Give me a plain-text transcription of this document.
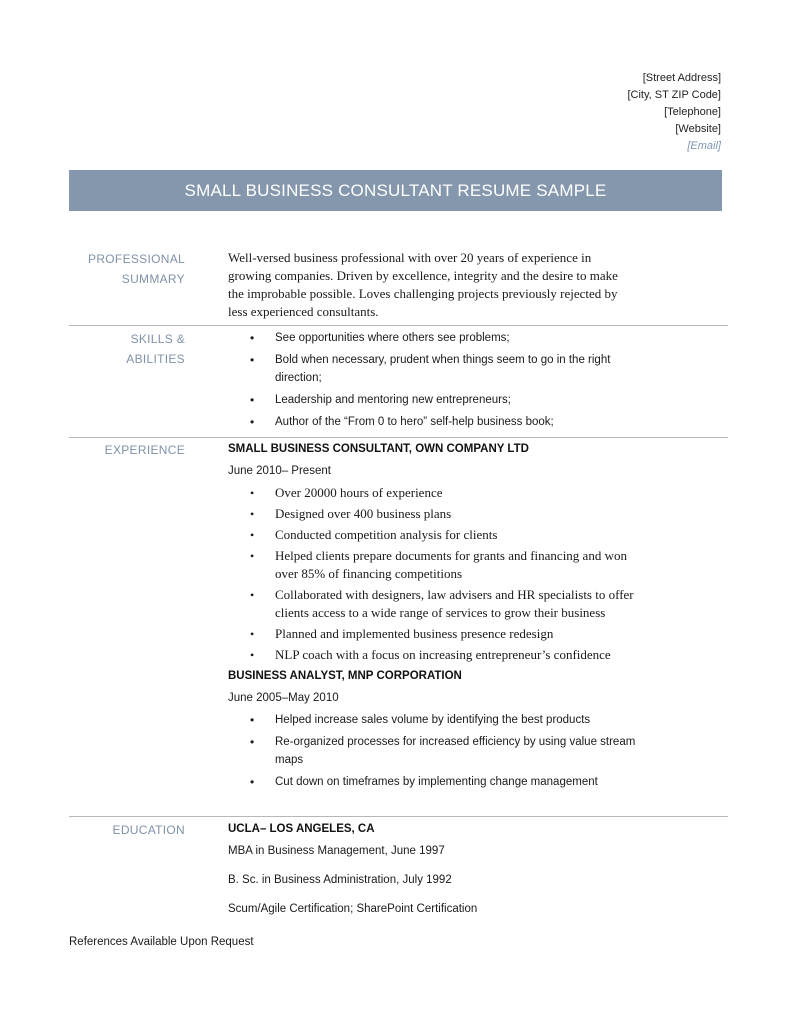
[Street Address]
[City, ST ZIP Code]
[Telephone]
[Website]
[Email]
SMALL BUSINESS CONSULTANT RESUME SAMPLE
PROFESSIONAL
SUMMARY
Well-versed business professional with over 20 years of experience in growing companies. Driven by excellence, integrity and the desire to make the improbable possible. Loves challenging projects previously rejected by less experienced consultants.
SKILLS & ABILITIES
• See opportunities where others see problems;
• Bold when necessary, prudent when things seem to go in the right direction;
• Leadership and mentoring new entrepreneurs;
• Author of the “From 0 to hero” self-help business book;
EXPERIENCE	SMALL BUSINESS CONSULTANT, OWN COMPANY LTD
June 2010– Present
• Over 20000 hours of experience
• Designed over 400 business plans
• Conducted competition analysis for clients
• Helped clients prepare documents for grants and financing and won over 85% of financing competitions
• Collaborated with designers, law advisers and HR specialists to offer clients access to a wide range of services to grow their business
• Planned and implemented business presence redesign
• NLP coach with a focus on increasing entrepreneur’s confidence
BUSINESS ANALYST, MNP CORPORATION
June 2005–May 2010
• Helped increase sales volume by identifying the best products
• Re-organized processes for increased efficiency by using value stream maps
• Cut down on timeframes by implementing change management
EDUCATION	UCLA– LOS ANGELES, CA
MBA in Business Management, June 1997
B. Sc. in Business Administration, July 1992
Scum/Agile Certification; SharePoint Certification
References Available Upon Request
